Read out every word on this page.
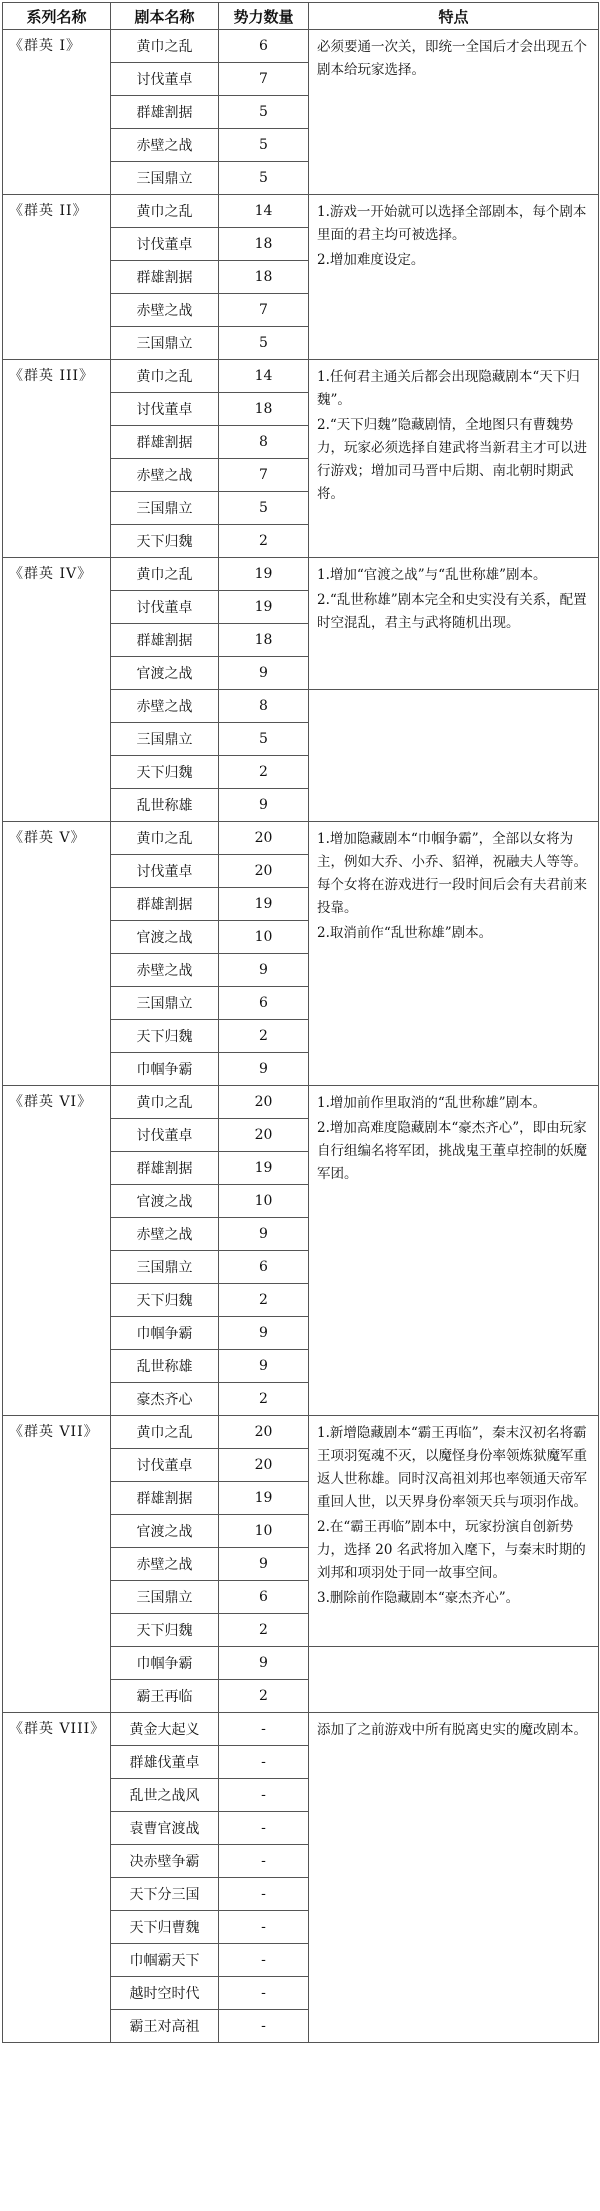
系列名称	剧本名称	势力数量	特点
《群英 I》	黄巾之乱	6	必须要通一次关，即统一全国后才会出现五个剧本给玩家选择。

	讨伐董卓	7	
	群雄割据	5	
	赤壁之战	5	
	三国鼎立	5	
《群英 II》	黄巾之乱	14	1.游戏一开始就可以选择全部剧本，每个剧本里面的君主均可被选择。

2.增加难度设定。

	讨伐董卓	18	
	群雄割据	18	
	赤壁之战	7	
	三国鼎立	5	
《群英 III》	黄巾之乱	14	1.任何君主通关后都会出现隐藏剧本“天下归魏”。

2.“天下归魏”隐藏剧情，全地图只有曹魏势力，玩家必须选择自建武将当新君主才可以进行游戏；增加司马晋中后期、南北朝时期武将。

	讨伐董卓	18	
	群雄割据	8	
	赤壁之战	7	
	三国鼎立	5	
	天下归魏	2	
《群英 IV》	黄巾之乱	19	1.增加“官渡之战”与“乱世称雄”剧本。

2.“乱世称雄”剧本完全和史实没有关系，配置时空混乱，君主与武将随机出现。

	讨伐董卓	19	
	群雄割据	18	
	官渡之战	9	
	赤壁之战	8	
	三国鼎立	5	
	天下归魏	2	
	乱世称雄	9	
《群英 V》	黄巾之乱	20	1.增加隐藏剧本“巾帼争霸”，全部以女将为主，例如大乔、小乔、貂禅，祝融夫人等等。每个女将在游戏进行一段时间后会有夫君前来投靠。

2.取消前作“乱世称雄”剧本。

	讨伐董卓	20	
	群雄割据	19	
	官渡之战	10	
	赤壁之战	9	
	三国鼎立	6	
	天下归魏	2	
	巾帼争霸	9	
《群英 VI》	黄巾之乱	20	1.增加前作里取消的“乱世称雄”剧本。

2.增加高难度隐藏剧本“豪杰齐心”，即由玩家自行组编名将军团，挑战鬼王董卓控制的妖魔军团。

	讨伐董卓	20	
	群雄割据	19	
	官渡之战	10	
	赤壁之战	9	
	三国鼎立	6	
	天下归魏	2	
	巾帼争霸	9	
	乱世称雄	9	
	豪杰齐心	2	
《群英 VII》	黄巾之乱	20	1.新增隐藏剧本“霸王再临”，秦末汉初名将霸王项羽冤魂不灭，以魔怪身份率领炼狱魔军重返人世称雄。同时汉高祖刘邦也率领通天帝军重回人世，以天界身份率领天兵与项羽作战。

2.在“霸王再临”剧本中，玩家扮演自创新势力，选择 20 名武将加入麾下，与秦末时期的刘邦和项羽处于同一故事空间。

3.删除前作隐藏剧本“豪杰齐心”。

	讨伐董卓	20	
	群雄割据	19	
	官渡之战	10	
	赤壁之战	9	
	三国鼎立	6	
	天下归魏	2	
	巾帼争霸	9	
	霸王再临	2	
《群英 VIII》	黄金大起义	-	添加了之前游戏中所有脱离史实的魔改剧本。

	群雄伐董卓	-	
	乱世之战风	-	
	袁曹官渡战	-	
	决赤壁争霸	-	
	天下分三国	-	
	天下归曹魏	-	
	巾帼霸天下	-	
	越时空时代	-	
	霸王对高祖	-	
